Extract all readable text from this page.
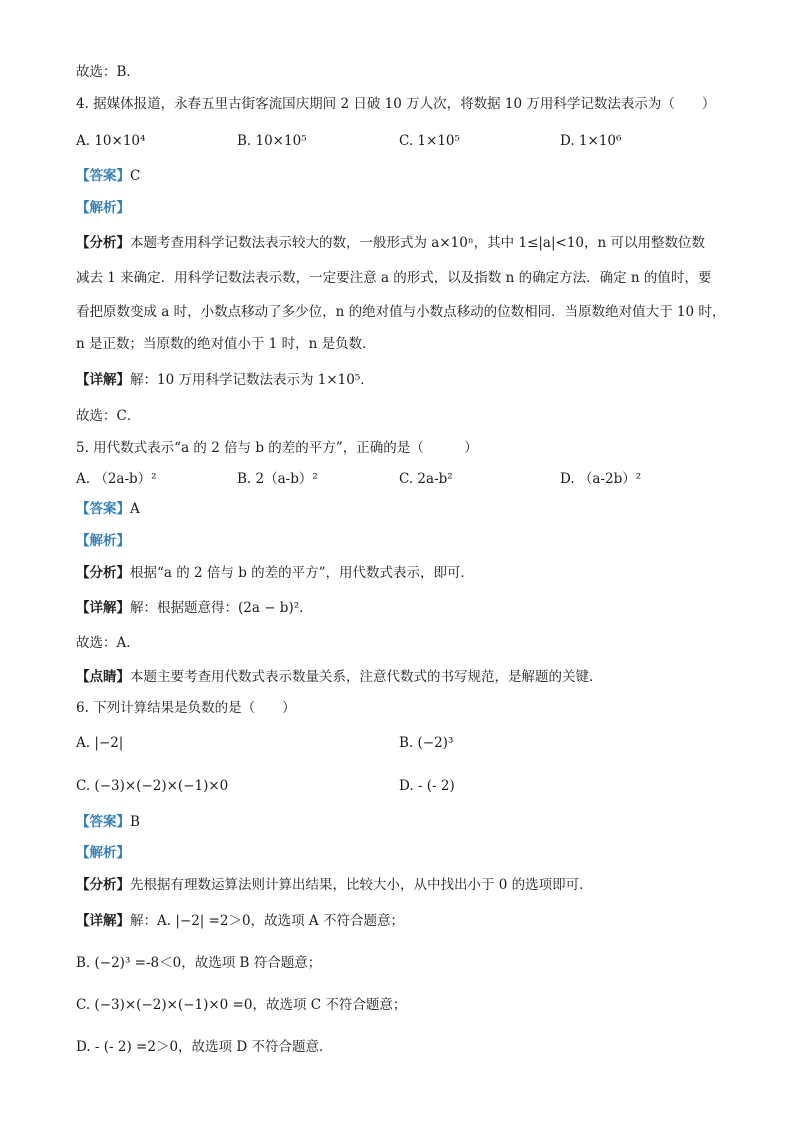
故选：B．
4. 据媒体报道，永春五里古街客流国庆期间 2 日破 10 万人次，将数据 10 万用科学记数法表示为（　　）
A. 10×10⁴	B. 10×10⁵	C. 1×10⁵	D. 1×10⁶
【答案】C
【解析】
【分析】本题考查用科学记数法表示较大的数，一般形式为 a×10ⁿ，其中 1≤|a|<10，n 可以用整数位数
减去 1 来确定．用科学记数法表示数，一定要注意 a 的形式，以及指数 n 的确定方法．确定 n 的值时，要
看把原数变成 a 时，小数点移动了多少位，n 的绝对值与小数点移动的位数相同．当原数绝对值大于 10 时，
n 是正数；当原数的绝对值小于 1 时，n 是负数．
【详解】解：10 万用科学记数法表示为 1×10⁵．
故选：C．
5. 用代数式表示“a 的 2 倍与 b 的差的平方”，正确的是（　　　）
A. （2a-b）²	B. 2（a-b）²	C. 2a-b²	D. （a-2b）²
【答案】A
【解析】
【分析】根据“a 的 2 倍与 b 的差的平方”，用代数式表示，即可．
【详解】解：根据题意得：(2a − b)².
故选：A．
【点睛】本题主要考查用代数式表示数量关系，注意代数式的书写规范，是解题的关键．
6. 下列计算结果是负数的是（　　）
A. |−2|	B. (−2)³
C. (−3)×(−2)×(−1)×0	D. - (- 2)
【答案】B
【解析】
【分析】先根据有理数运算法则计算出结果，比较大小，从中找出小于 0 的选项即可．
【详解】解：A. |−2| =2＞0，故选项 A 不符合题意；
B. (−2)³ =-8＜0，故选项 B 符合题意；
C. (−3)×(−2)×(−1)×0 =0，故选项 C 不符合题意；
D. - (- 2) =2＞0，故选项 D 不符合题意．
